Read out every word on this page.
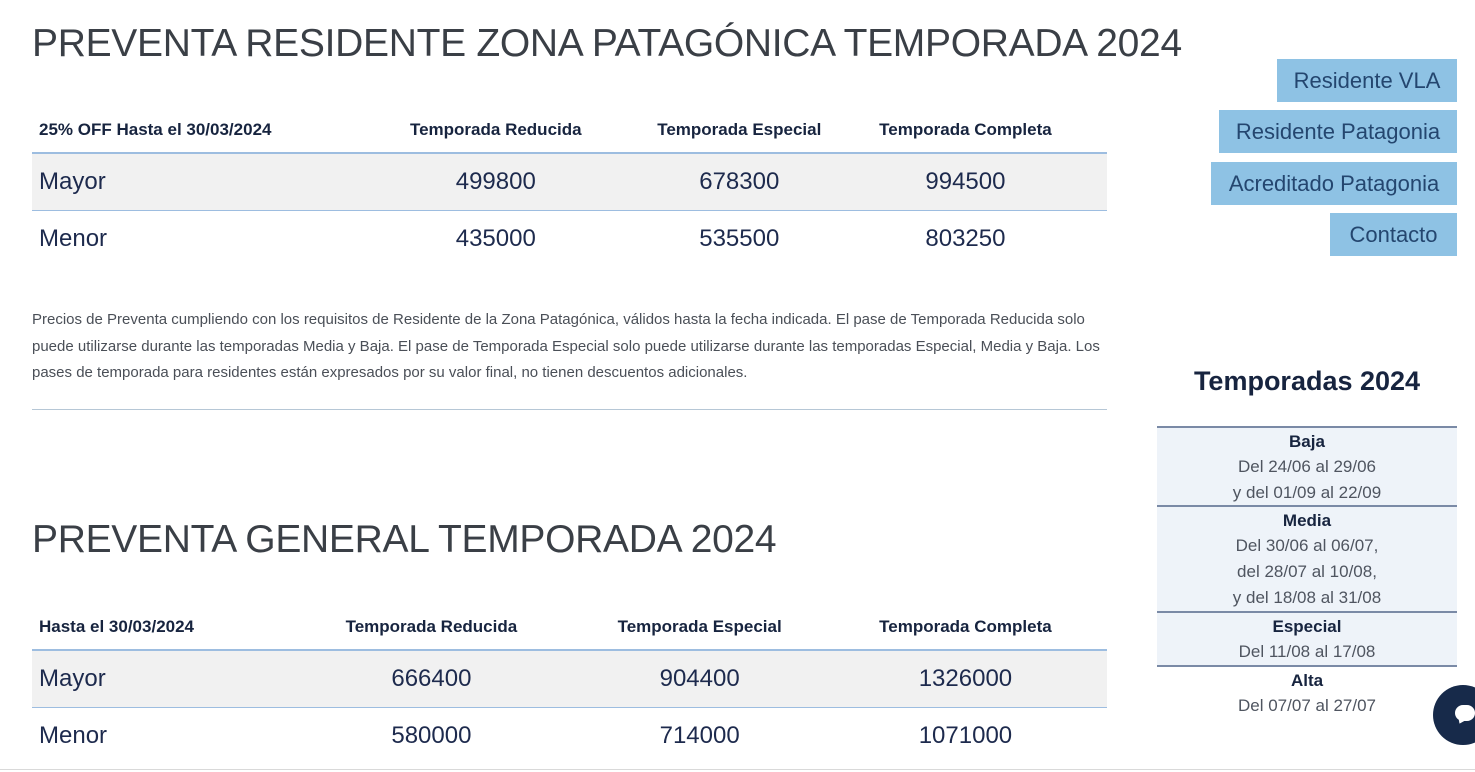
PREVENTA RESIDENTE ZONA PATAGÓNICA TEMPORADA 2024
25% OFF Hasta el 30/03/2024	Temporada Reducida	Temporada Especial	Temporada Completa
Mayor	499800	678300	994500
Menor	435000	535500	803250

Precios de Preventa cumpliendo con los requisitos de Residente de la Zona Patagónica, válidos hasta la fecha indicada. El pase de Temporada Reducida solo puede utilizarse durante las temporadas Media y Baja. El pase de Temporada Especial solo puede utilizarse durante las temporadas Especial, Media y Baja. Los pases de temporada para residentes están expresados por su valor final, no tienen descuentos adicionales.

PREVENTA GENERAL TEMPORADA 2024
Hasta el 30/03/2024	Temporada Reducida	Temporada Especial	Temporada Completa
Mayor	666400	904400	1326000
Menor	580000	714000	1071000
Residente VLA
Residente Patagonia
Acreditado Patagonia
Contacto
Temporadas 2024
Baja
Del 24/06 al 29/06
y del 01/09 al 22/09
Media
Del 30/06 al 06/07,
del 28/07 al 10/08,
y del 18/08 al 31/08
Especial
Del 11/08 al 17/08
Alta
Del 07/07 al 27/07
